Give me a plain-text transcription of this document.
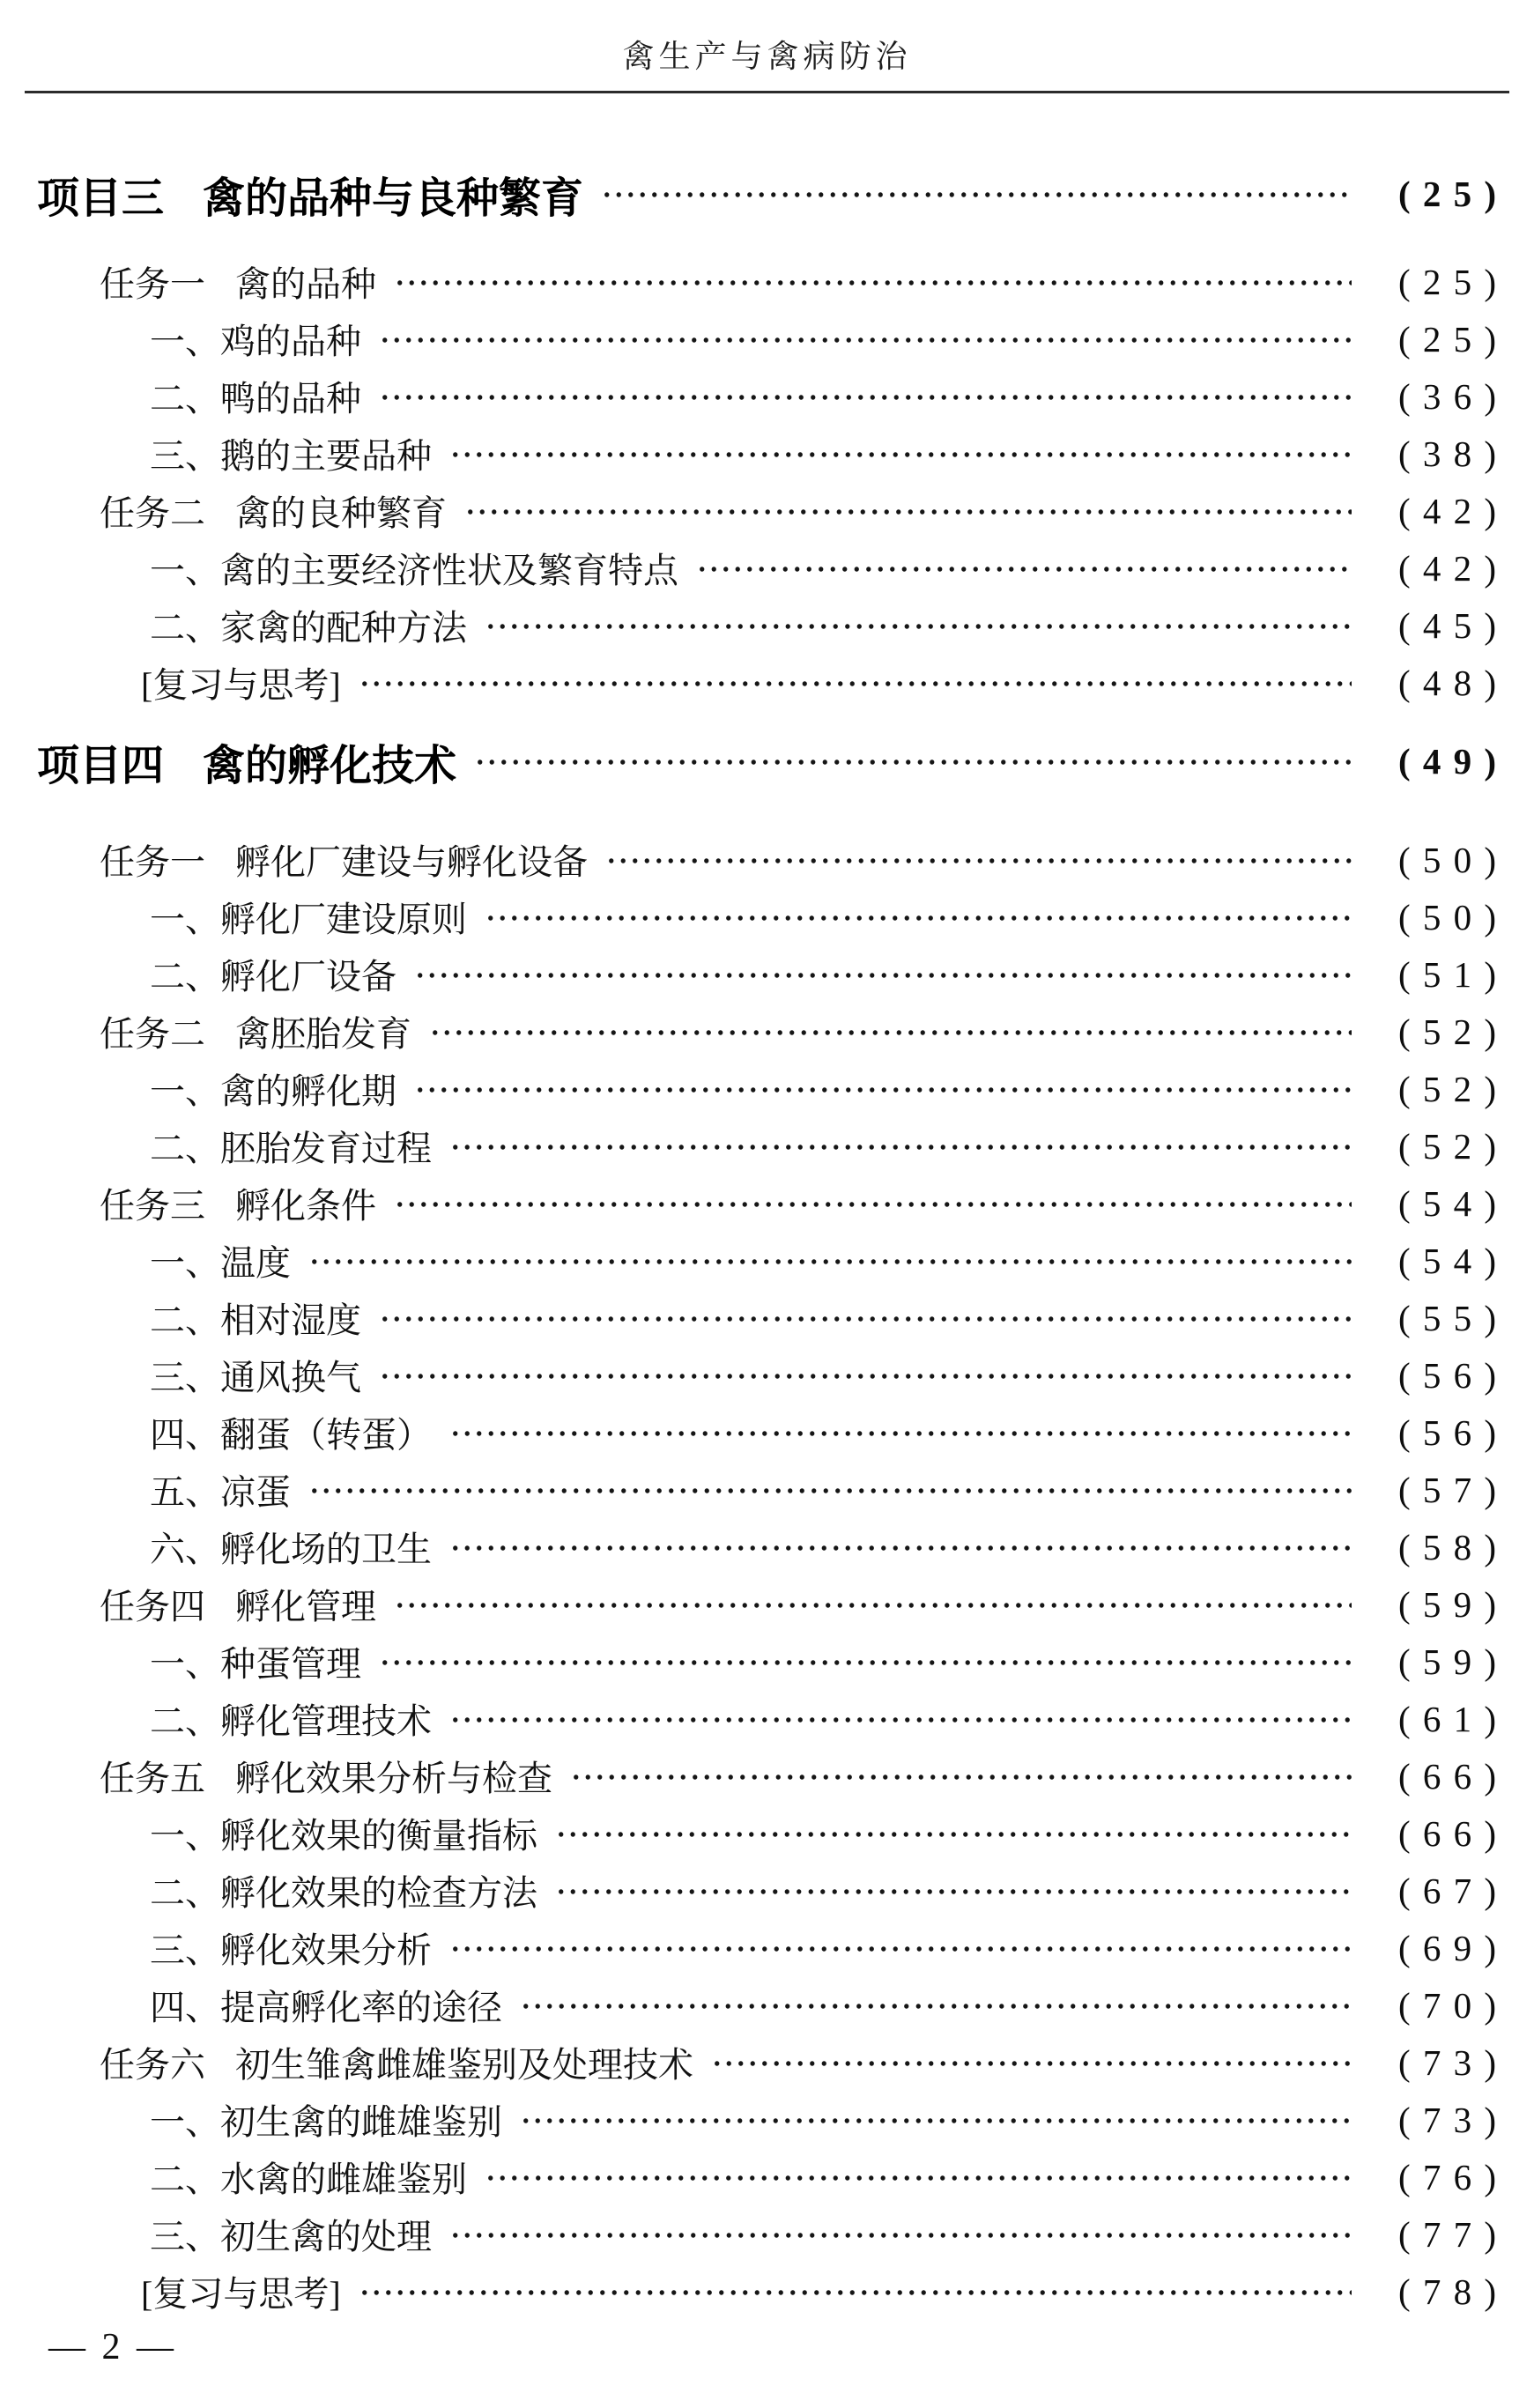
禽生产与禽病防治
项目三 禽的品种与良种繁育	( 2 5 )
任务一 禽的品种	( 2 5 )
一、鸡的品种	( 2 5 )
二、鸭的品种	( 3 6 )
三、鹅的主要品种	( 3 8 )
任务二 禽的良种繁育	( 4 2 )
一、禽的主要经济性状及繁育特点	( 4 2 )
二、家禽的配种方法	( 4 5 )
[复习与思考]	( 4 8 )
项目四 禽的孵化技术	( 4 9 )
任务一 孵化厂建设与孵化设备	( 5 0 )
一、孵化厂建设原则	( 5 0 )
二、孵化厂设备	( 5 1 )
任务二 禽胚胎发育	( 5 2 )
一、禽的孵化期	( 5 2 )
二、胚胎发育过程	( 5 2 )
任务三 孵化条件	( 5 4 )
一、温度	( 5 4 )
二、相对湿度	( 5 5 )
三、通风换气	( 5 6 )
四、翻蛋（转蛋）	( 5 6 )
五、凉蛋	( 5 7 )
六、孵化场的卫生	( 5 8 )
任务四 孵化管理	( 5 9 )
一、种蛋管理	( 5 9 )
二、孵化管理技术	( 6 1 )
任务五 孵化效果分析与检查	( 6 6 )
一、孵化效果的衡量指标	( 6 6 )
二、孵化效果的检查方法	( 6 7 )
三、孵化效果分析	( 6 9 )
四、提高孵化率的途径	( 7 0 )
任务六 初生雏禽雌雄鉴别及处理技术	( 7 3 )
一、初生禽的雌雄鉴别	( 7 3 )
二、水禽的雌雄鉴别	( 7 6 )
三、初生禽的处理	( 7 7 )
[复习与思考]	( 7 8 )
— 2 —
